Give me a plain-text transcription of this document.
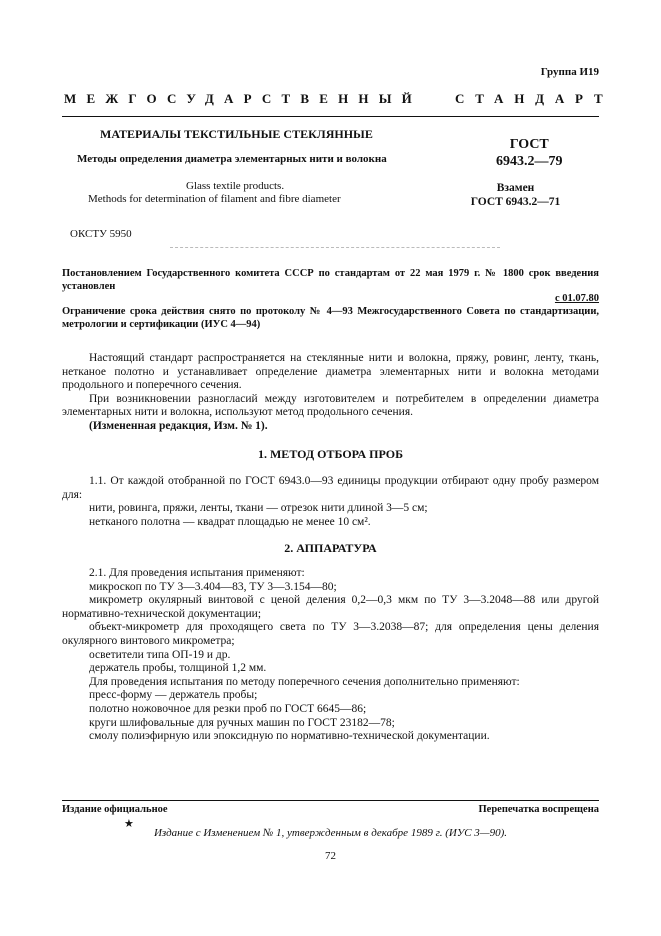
Группа И19
МЕЖГОСУДАРСТВЕННЫЙ	СТАНДАРТ
МАТЕРИАЛЫ ТЕКСТИЛЬНЫЕ СТЕКЛЯННЫЕ
Методы определения диаметра элементарных нити и волокна
Glass textile products.
Methods for determination of filament and fibre diameter
ГОСТ
6943.2—79
Взамен
ГОСТ 6943.2—71
ОКСТУ 5950
Постановлением Государственного комитета СССР по стандартам от 22 мая 1979 г. № 1800 срок введения установлен
с 01.07.80
Ограничение срока действия снято по протоколу № 4—93 Межгосударственного Совета по стандартизации, метрологии и сертификации (ИУС 4—94)

Настоящий стандарт распространяется на стеклянные нити и волокна, пряжу, ровинг, ленту, ткань, нетканое полотно и устанавливает определение диаметра элементарных нити и волокна методами продольного и поперечного сечения.

При возникновении разногласий между изготовителем и потребителем в определении диаметра элементарных нити и волокна, используют метод продольного сечения.

(Измененная редакция, Изм. № 1).

1. МЕТОД ОТБОРА ПРОБ

1.1. От каждой отобранной по ГОСТ 6943.0—93 единицы продукции отбирают одну пробу размером для:

нити, ровинга, пряжи, ленты, ткани — отрезок нити длиной 3—5 см;

нетканого полотна — квадрат площадью не менее 10 см².

2. АППАРАТУРА

2.1. Для проведения испытания применяют:

микроскоп по ТУ 3—3.404—83, ТУ 3—3.154—80;

микрометр окулярный винтовой с ценой деления 0,2—0,3 мкм по ТУ 3—3.2048—88 или другой нормативно-технической документации;

объект-микрометр для проходящего света по ТУ 3—3.2038—87; для определения цены деления окулярного винтового микрометра;

осветители типа ОП-19 и др.

держатель пробы, толщиной 1,2 мм.

Для проведения испытания по методу поперечного сечения дополнительно применяют:

пресс-форму — держатель пробы;

полотно ножовочное для резки проб по ГОСТ 6645—86;

круги шлифовальные для ручных машин по ГОСТ 23182—78;

смолу полиэфирную или эпоксидную по нормативно-технической документации.

Издание официальное	Перепечатка воспрещена
★
Издание с Изменением № 1, утвержденным в декабре 1989 г. (ИУС 3—90).
72
